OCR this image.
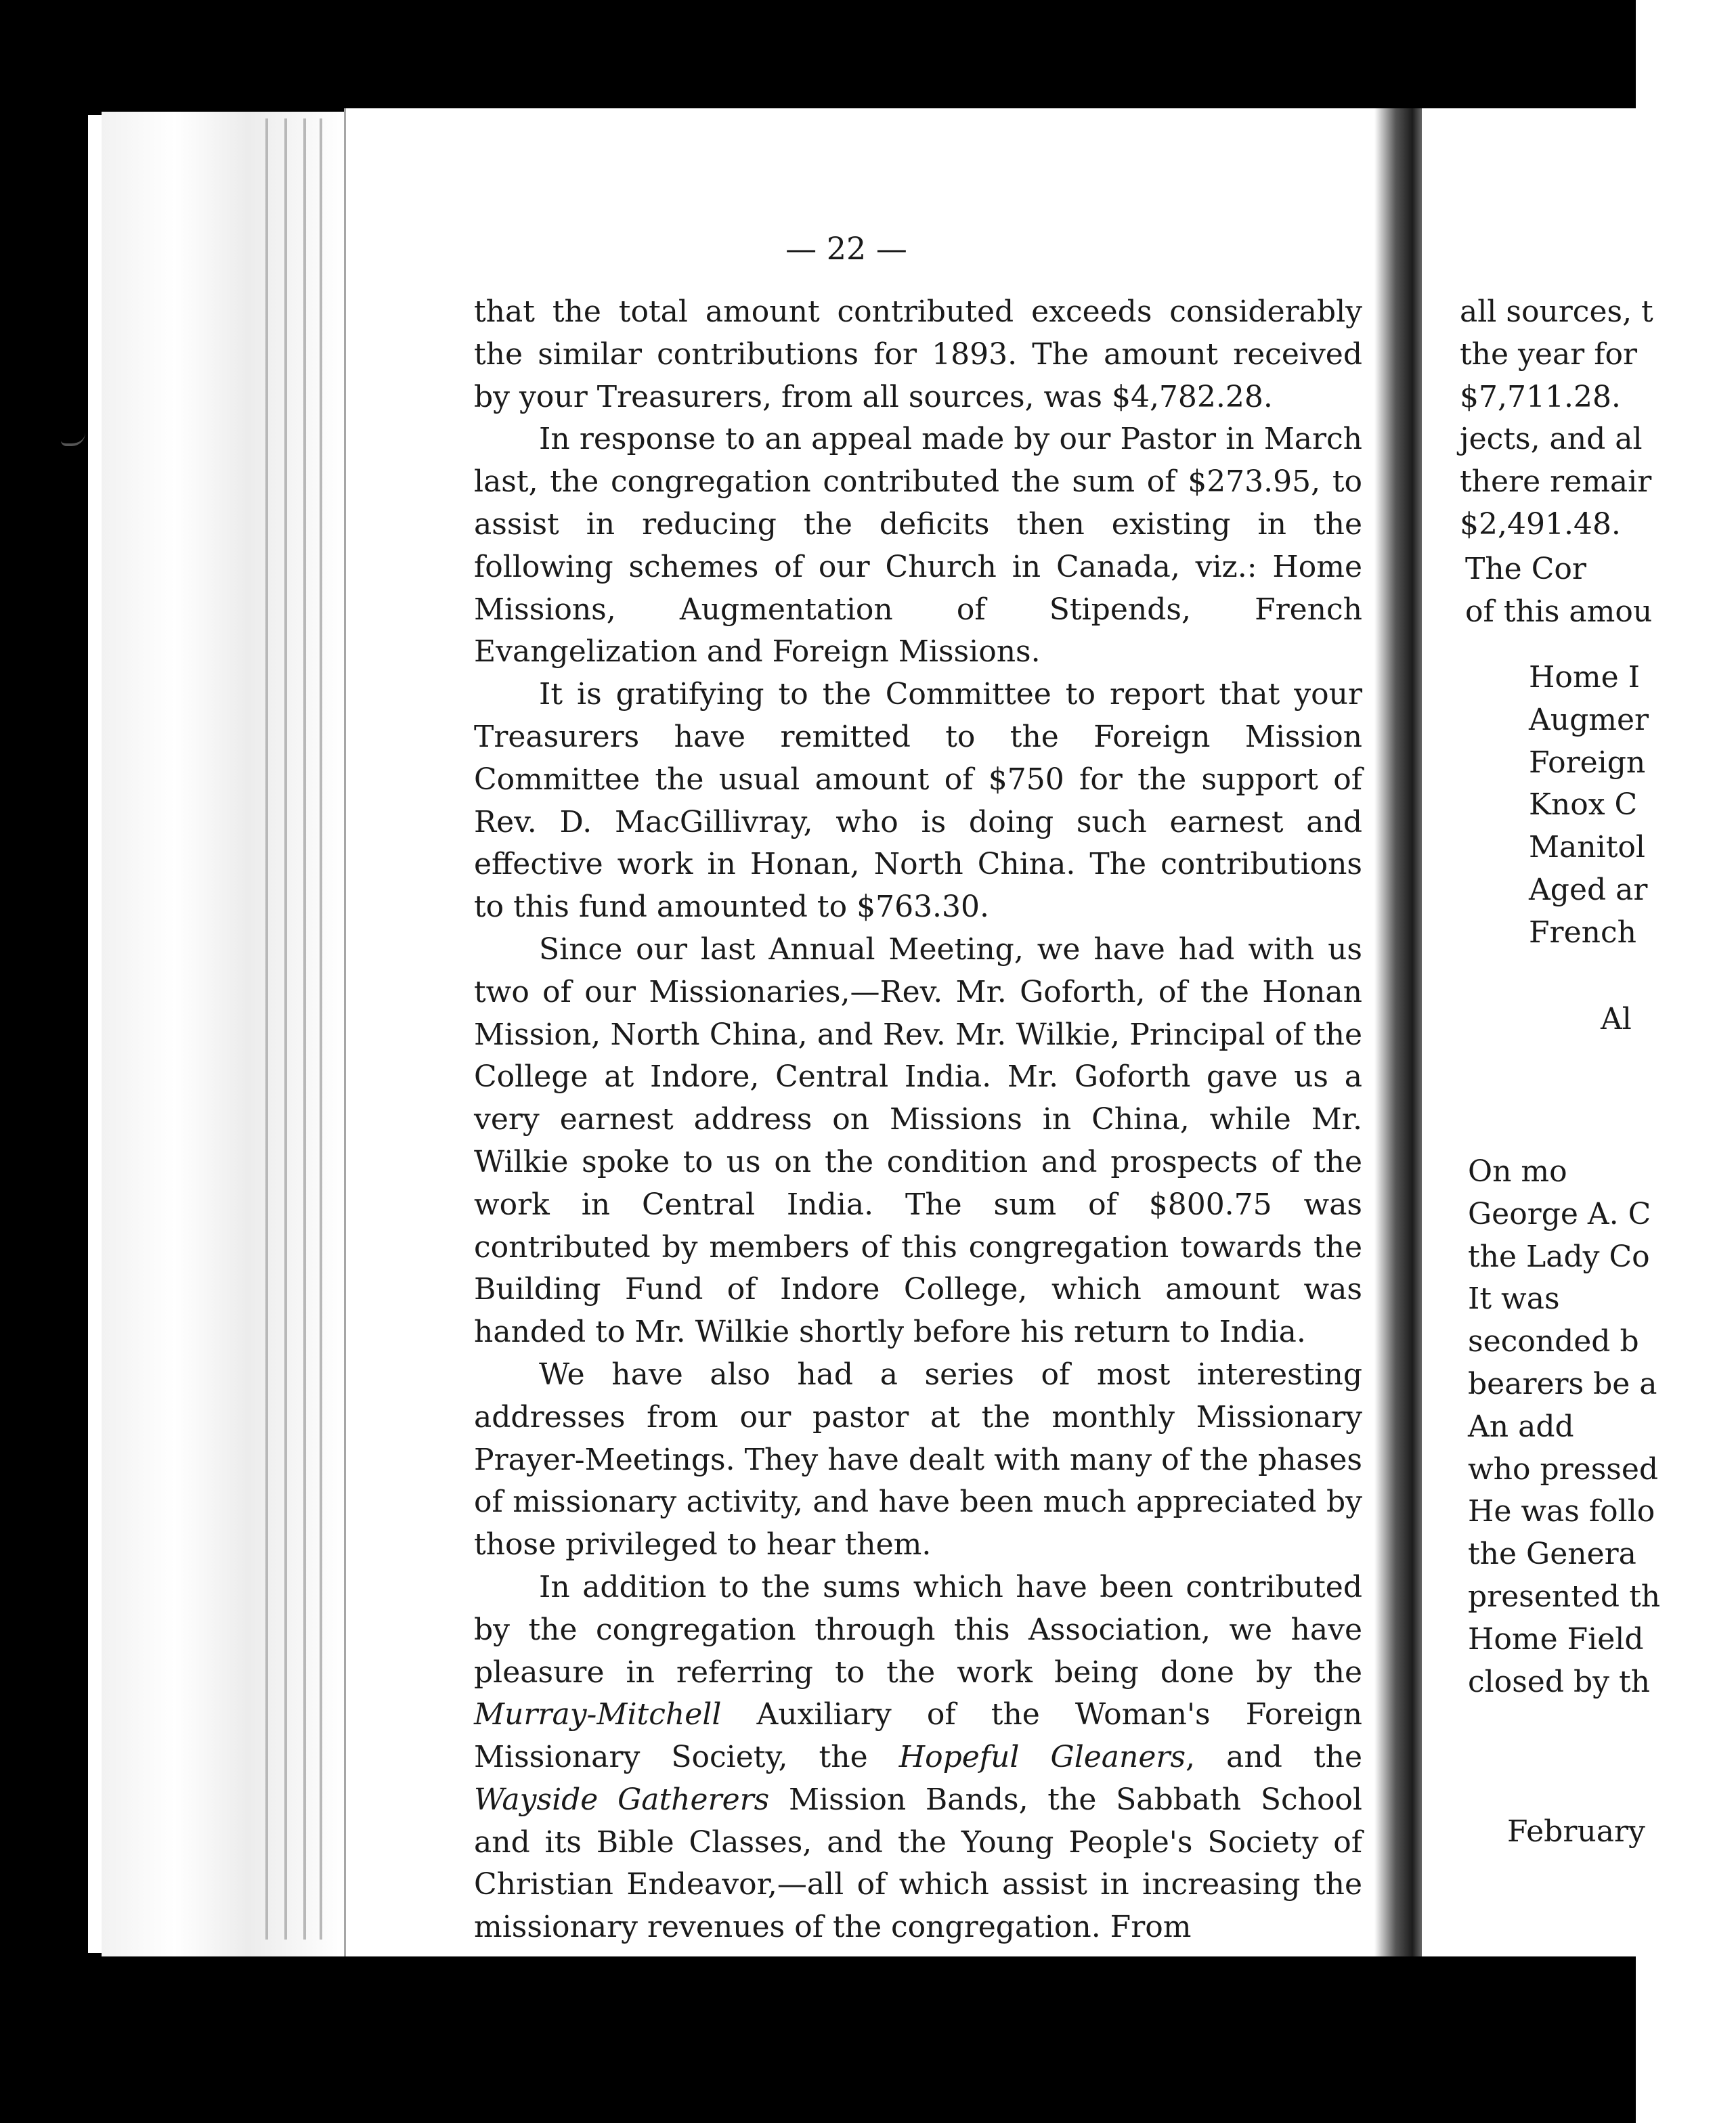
— 22 —

that the total amount contributed exceeds considerably the similar contributions for 1893. The amount received by your Treasurers, from all sources, was $4,782.28.

In response to an appeal made by our Pastor in March last, the congregation contributed the sum of $273.95, to assist in reducing the deficits then existing in the following schemes of our Church in Canada, viz.: Home Missions, Augmentation of Stipends, French Evangelization and Foreign Missions.

It is gratifying to the Committee to report that your Treasurers have remitted to the Foreign Mission Committee the usual amount of $750 for the support of Rev. D. MacGillivray, who is doing such earnest and effective work in Honan, North China. The contributions to this fund amounted to $763.30.

Since our last Annual Meeting, we have had with us two of our Missionaries,—Rev. Mr. Goforth, of the Honan Mission, North China, and Rev. Mr. Wilkie, Principal of the College at Indore, Central India. Mr. Goforth gave us a very earnest address on Missions in China, while Mr. Wilkie spoke to us on the condition and prospects of the work in Central India. The sum of $800.75 was contributed by members of this congregation towards the Building Fund of Indore College, which amount was handed to Mr. Wilkie shortly before his return to India.

We have also had a series of most interesting addresses from our pastor at the monthly Missionary Prayer-Meetings. They have dealt with many of the phases of missionary activity, and have been much appreciated by those privileged to hear them.

In addition to the sums which have been contributed by the congregation through this Association, we have pleasure in referring to the work being done by the Murray-Mitchell Auxiliary of the Woman's Foreign Missionary Society, the Hopeful Gleaners, and the Wayside Gatherers Mission Bands, the Sabbath School and its Bible Classes, and the Young People's Society of Christian Endeavor,—all of which assist in increasing the missionary revenues of the congregation. From

all sources, t
the year for
$7,711.28.
jects, and al
there remair
$2,491.48.
The Cor
of this amou
Home I
Augmer
Foreign
Knox C
Manitol
Aged ar
French
Al
On mo
George A. C
the Lady Co
It was
seconded b
bearers be a
An add
who pressed
He was follo
the Genera
presented th
Home Field
closed by th
February
